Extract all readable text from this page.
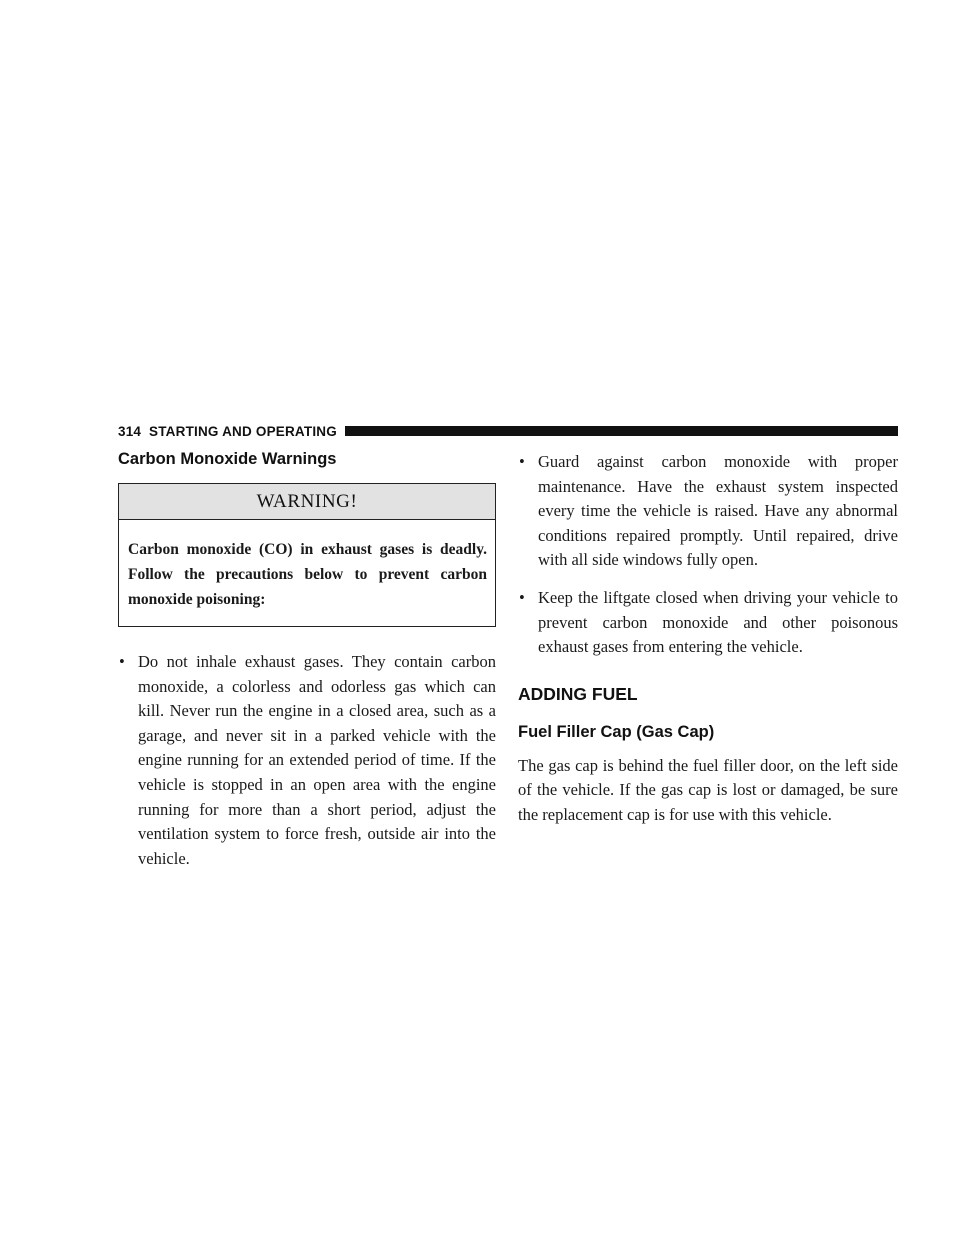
314 STARTING AND OPERATING
Carbon Monoxide Warnings
WARNING!
Carbon monoxide (CO) in exhaust gases is deadly. Follow the precautions below to prevent carbon monoxide poisoning:
• Do not inhale exhaust gases. They contain carbon monoxide, a colorless and odorless gas which can kill. Never run the engine in a closed area, such as a garage, and never sit in a parked vehicle with the engine running for an extended period of time. If the vehicle is stopped in an open area with the engine running for more than a short period, adjust the ventilation system to force fresh, outside air into the vehicle.
• Guard against carbon monoxide with proper maintenance. Have the exhaust system inspected every time the vehicle is raised. Have any abnormal conditions repaired promptly. Until repaired, drive with all side windows fully open.
• Keep the liftgate closed when driving your vehicle to prevent carbon monoxide and other poisonous exhaust gases from entering the vehicle.
ADDING FUEL
Fuel Filler Cap (Gas Cap)

The gas cap is behind the fuel filler door, on the left side of the vehicle. If the gas cap is lost or damaged, be sure the replacement cap is for use with this vehicle.
